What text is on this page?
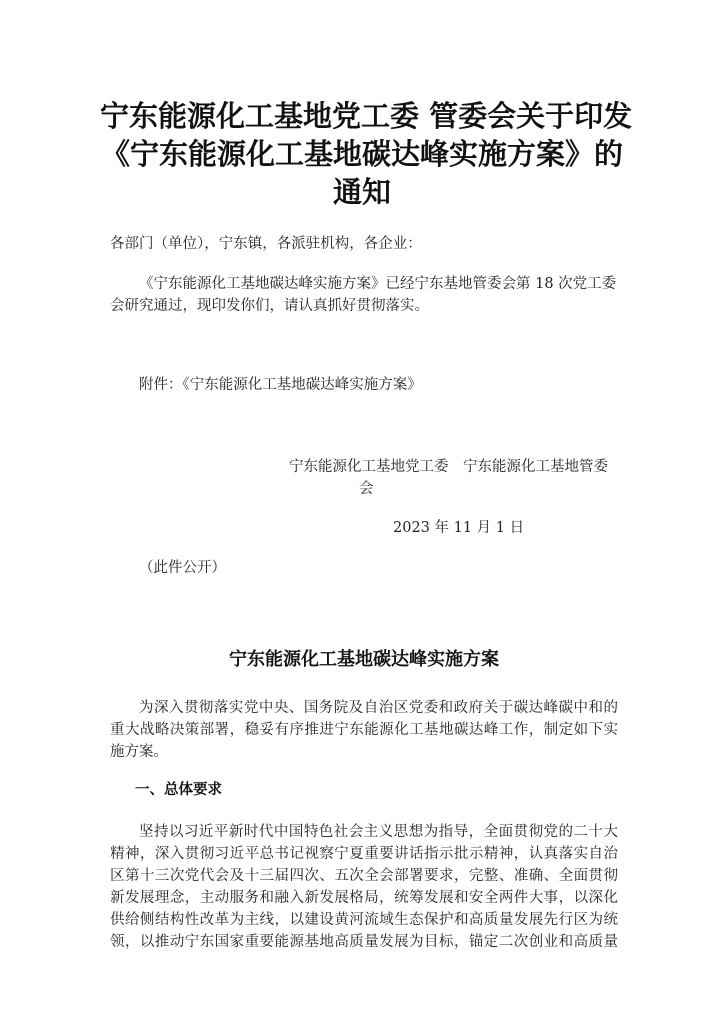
宁东能源化工基地党工委 管委会关于印发
《宁东能源化工基地碳达峰实施方案》的
通知
各部门（单位），宁东镇，各派驻机构，各企业：
《宁东能源化工基地碳达峰实施方案》已经宁东基地管委会第 18 次党工委
会研究通过，现印发你们，请认真抓好贯彻落实。
附件：《宁东能源化工基地碳达峰实施方案》
宁东能源化工基地党工委　宁东能源化工基地管委
会
2023 年 11 月 1 日
（此件公开）
宁东能源化工基地碳达峰实施方案
为深入贯彻落实党中央、国务院及自治区党委和政府关于碳达峰碳中和的
重大战略决策部署，稳妥有序推进宁东能源化工基地碳达峰工作，制定如下实
施方案。
一、总体要求
坚持以习近平新时代中国特色社会主义思想为指导，全面贯彻党的二十大
精神，深入贯彻习近平总书记视察宁夏重要讲话指示批示精神，认真落实自治
区第十三次党代会及十三届四次、五次全会部署要求，完整、准确、全面贯彻
新发展理念，主动服务和融入新发展格局，统筹发展和安全两件大事，以深化
供给侧结构性改革为主线，以建设黄河流域生态保护和高质量发展先行区为统
领，以推动宁东国家重要能源基地高质量发展为目标，锚定二次创业和高质量
